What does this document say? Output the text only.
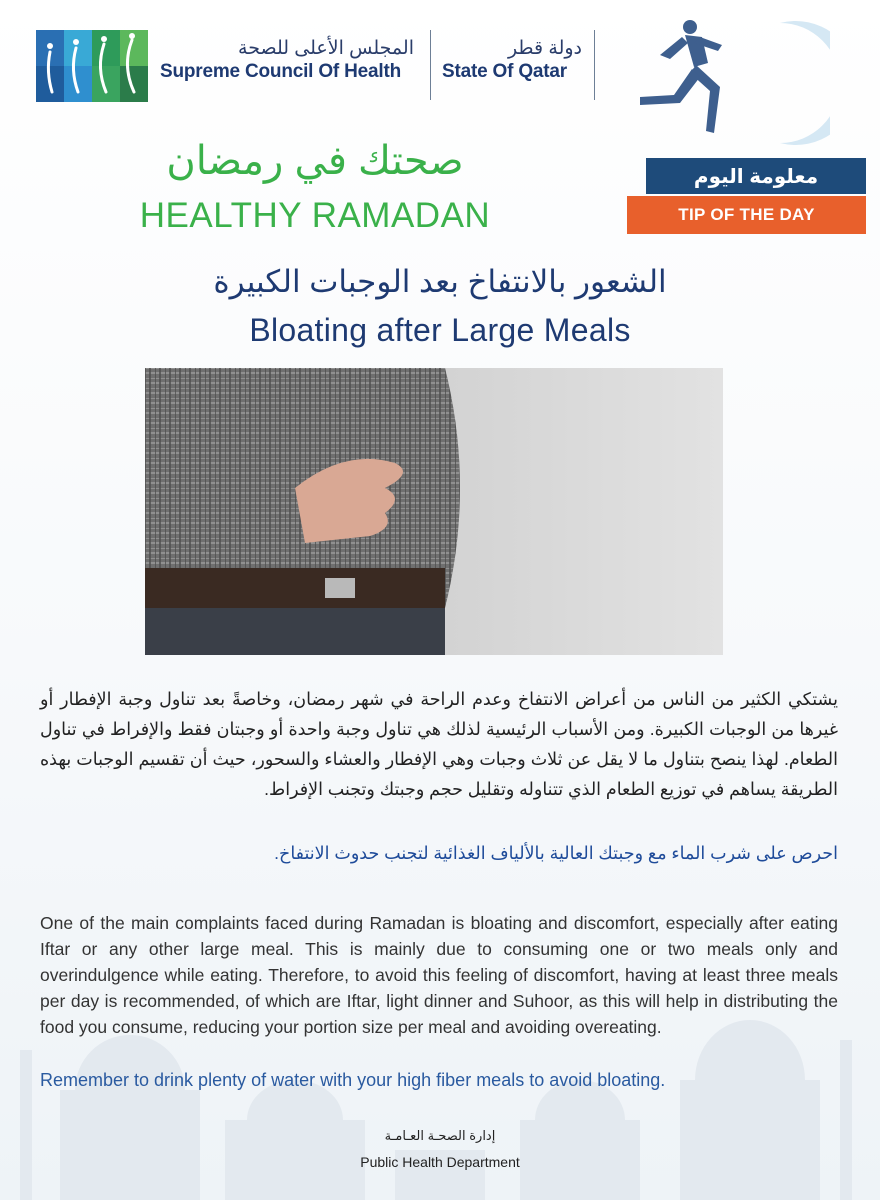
المجلس الأعلى للصحة
Supreme Council Of Health
دولة قطر
State Of Qatar
صحتك في رمضان
HEALTHY RAMADAN
معلومة اليوم
TIP OF THE DAY
الشعور بالانتفاخ بعد الوجبات الكبيرة
Bloating after Large Meals
يشتكي الكثير من الناس من أعراض الانتفاخ وعدم الراحة في شهر رمضان، وخاصةً بعد تناول وجبة الإفطار أو غيرها من الوجبات الكبيرة. ومن الأسباب الرئيسية لذلك هي تناول وجبة واحدة أو وجبتان فقط والإفراط في تناول الطعام. لهذا ينصح بتناول ما لا يقل عن ثلاث وجبات وهي الإفطار والعشاء والسحور، حيث أن تقسيم الوجبات بهذه الطريقة يساهم في توزيع الطعام الذي تتناوله وتقليل حجم وجبتك وتجنب الإفراط.
احرص على شرب الماء مع وجبتك العالية بالألياف الغذائية لتجنب حدوث الانتفاخ.
One of the main complaints faced during Ramadan is bloating and discomfort, especially after eating Iftar or any other large meal. This is mainly due to consuming one or two meals only and overindulgence while eating. Therefore, to avoid this feeling of discomfort, having at least three meals per day is recommended, of which are Iftar, light dinner and Suhoor, as this will help in distributing the food you consume, reducing your portion size per meal and avoiding overeating.
Remember to drink plenty of water with your high fiber meals to avoid bloating.
إدارة الصحـة العـامـة
Public Health Department
